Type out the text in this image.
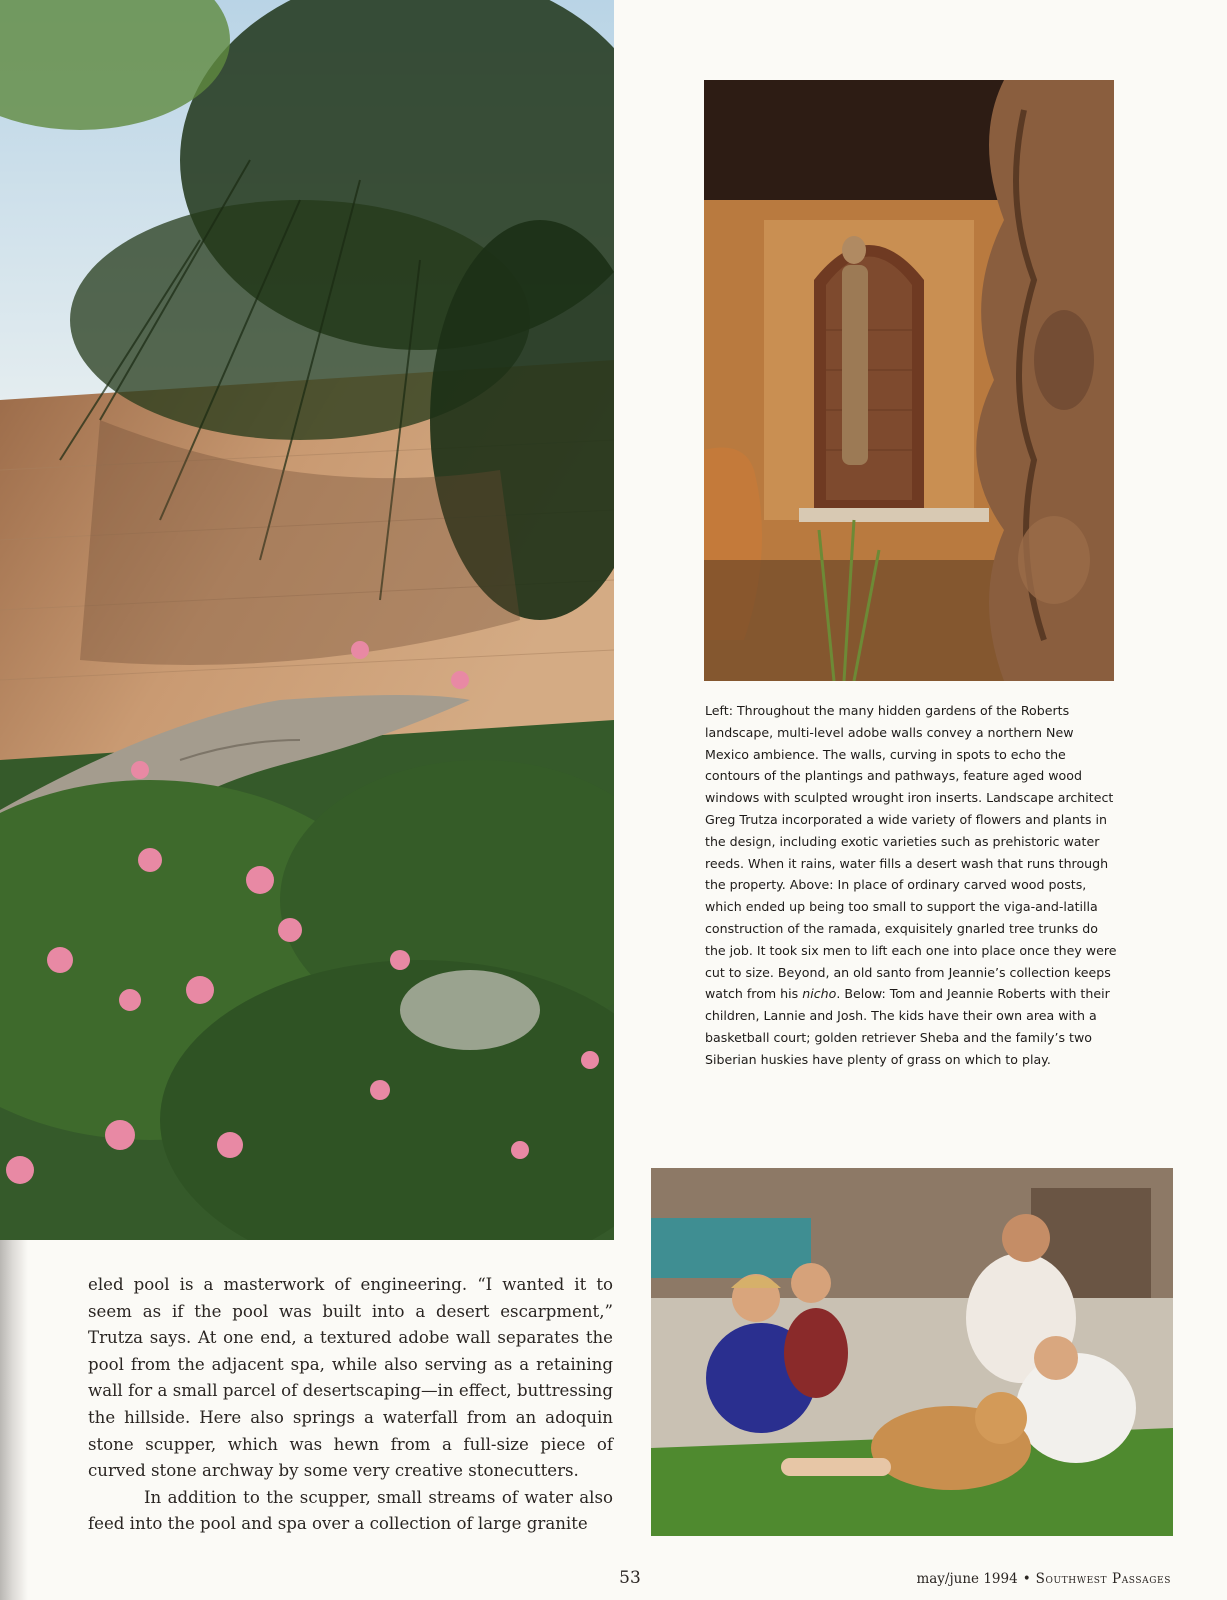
Left: Throughout the many hidden gardens of the Roberts landscape, multi-level adobe walls convey a northern New Mexico ambience. The walls, curving in spots to echo the contours of the plantings and pathways, feature aged wood windows with sculpted wrought iron inserts. Landscape architect Greg Trutza incorporated a wide variety of flowers and plants in the design, including exotic varieties such as prehistoric water reeds. When it rains, water fills a desert wash that runs through the property. Above: In place of ordinary carved wood posts, which ended up being too small to support the viga-and-latilla construction of the ramada, exquisitely gnarled tree trunks do the job. It took six men to lift each one into place once they were cut to size. Beyond, an old santo from Jeannie’s collection keeps watch from his nicho. Below: Tom and Jeannie Roberts with their children, Lannie and Josh. The kids have their own area with a basketball court; golden retriever Sheba and the family’s two Siberian huskies have plenty of grass on which to play.

eled pool is a masterwork of engineering. “I wanted it to seem as if the pool was built into a desert escarpment,” Trutza says. At one end, a textured adobe wall separates the pool from the adjacent spa, while also serving as a retaining wall for a small parcel of desertscaping—in effect, buttressing the hillside. Here also springs a waterfall from an adoquin stone scupper, which was hewn from a full-size piece of curved stone archway by some very creative stonecutters.

In addition to the scupper, small streams of water also feed into the pool and spa over a collection of large granite

53	may/june 1994 • Southwest Passages
